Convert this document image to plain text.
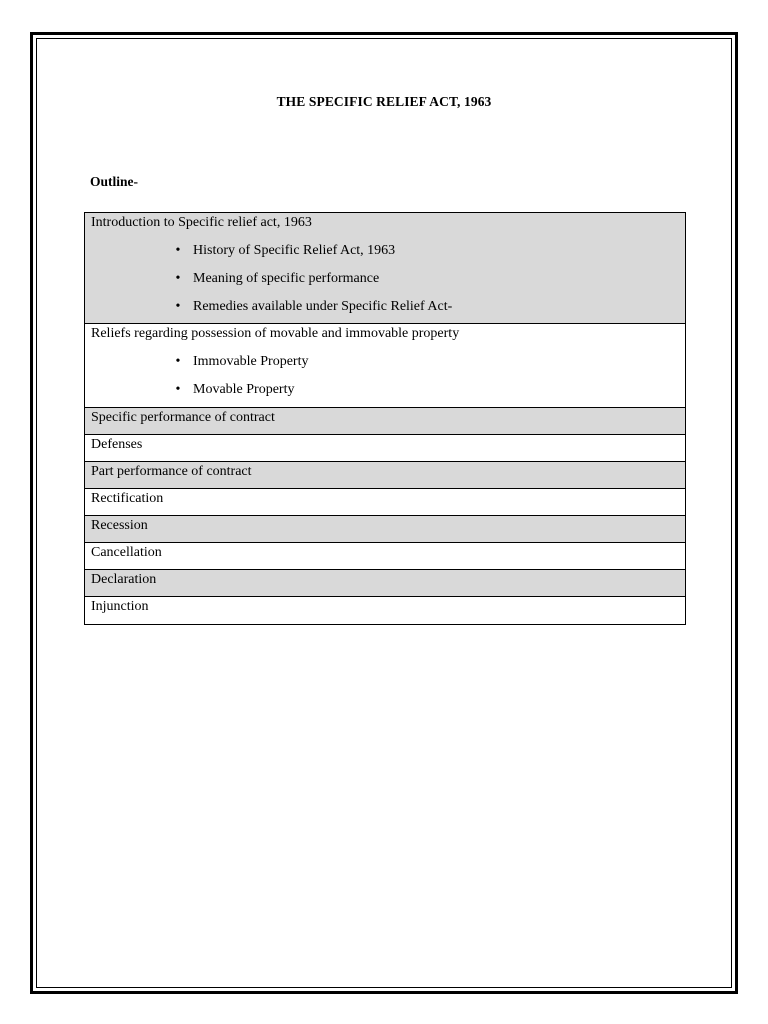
THE SPECIFIC RELIEF ACT, 1963
Outline-
Introduction to Specific relief act, 1963
• History of Specific Relief Act, 1963
• Meaning of specific performance
• Remedies available under Specific Relief Act-
Reliefs regarding possession of movable and immovable property
• Immovable Property
• Movable Property
Specific performance of contract
Defenses
Part performance of contract
Rectification
Recession
Cancellation
Declaration
Injunction
